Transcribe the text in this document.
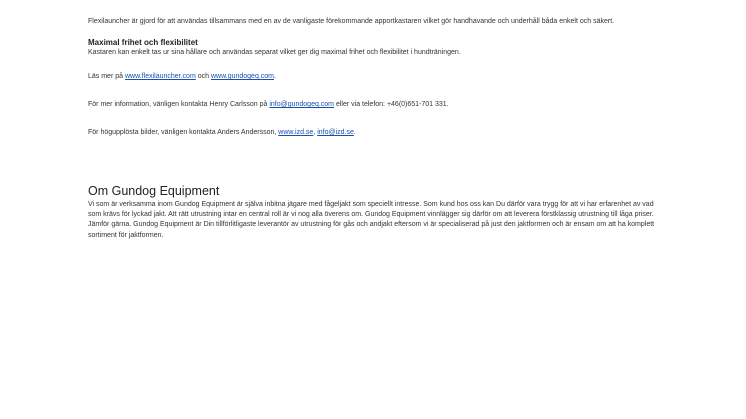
Flexilauncher är gjord för att användas tillsammans med en av de vanligaste förekommande apportkastaren vilket gör handhavande och underhåll båda enkelt och säkert.

Maximal frihet och flexibilitet

Kastaren kan enkelt tas ur sina hållare och användas separat vilket ger dig maximal frihet och flexibilitet i hundträningen.

Läs mer på www.flexilauncher.com och www.gundogeq.com.

För mer information, vänligen kontakta Henry Carlsson på info@gundogeq.com eller via telefon: +46(0)651-701 331.

För högupplösta bilder, vänligen kontakta Anders Andersson, www.izd.se, info@izd.se.

Om Gundog Equipment

Vi som är verksamma inom Gundog Equipment är själva inbitna jägare med fågeljakt som speciellt intresse. Som kund hos oss kan Du därför vara trygg för att vi har erfarenhet av vad som krävs för lyckad jakt. Att rätt utrustning intar en central roll är vi nog alla överens om. Gundog Equipment vinnlägger sig därför om att leverera förstklassig utrustning till låga priser. Jämför gärna. Gundog Equipment är Din tillförlitligaste leverantör av utrustning för gås och andjakt eftersom vi är specialiserad på just den jaktformen och är ensam om att ha komplett sortiment för jaktformen.
